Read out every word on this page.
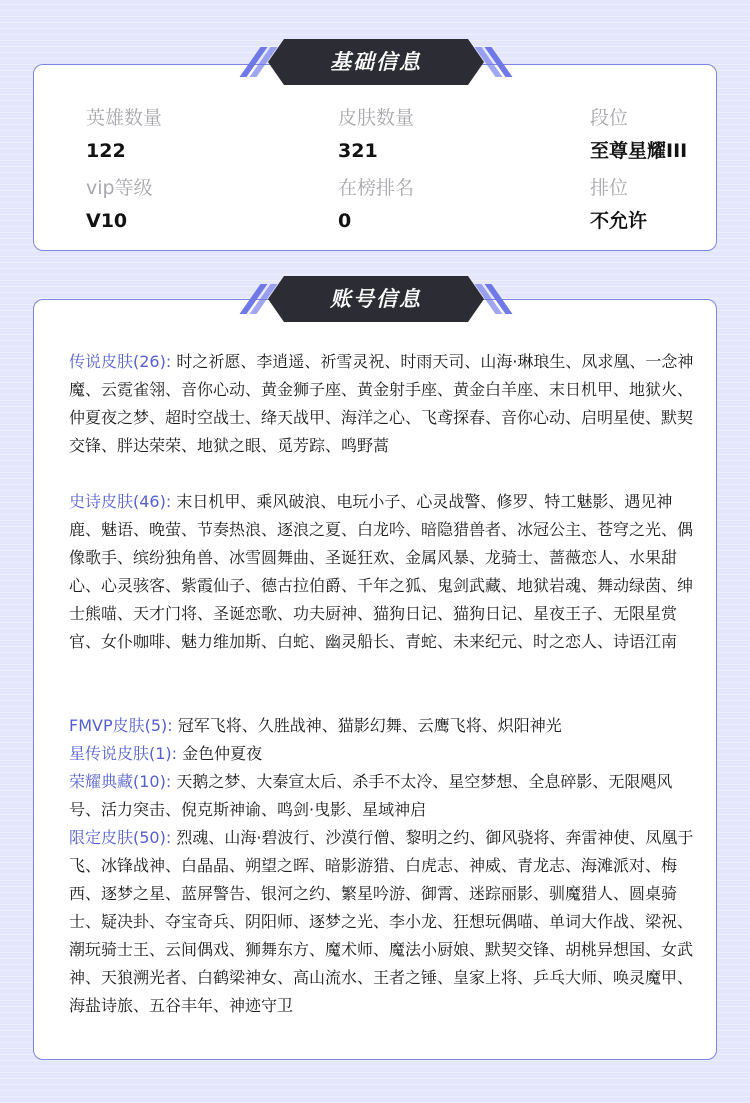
基础信息
英雄数量
122
皮肤数量
321
段位
至尊星耀III
vip等级
V10
在榜排名
0
排位
不允许
账号信息
传说皮肤(26): 时之祈愿、李逍遥、祈雪灵祝、时雨天司、山海·琳琅生、凤求凰、一念神魔、云霓雀翎、音你心动、黄金狮子座、黄金射手座、黄金白羊座、末日机甲、地狱火、仲夏夜之梦、超时空战士、绛天战甲、海洋之心、飞鸢探春、音你心动、启明星使、默契交锋、胖达荣荣、地狱之眼、觅芳踪、鸣野蒿
史诗皮肤(46): 末日机甲、乘风破浪、电玩小子、心灵战警、修罗、特工魅影、遇见神鹿、魅语、晚萤、节奏热浪、逐浪之夏、白龙吟、暗隐猎兽者、冰冠公主、苍穹之光、偶像歌手、缤纷独角兽、冰雪圆舞曲、圣诞狂欢、金属风暴、龙骑士、蔷薇恋人、水果甜心、心灵骇客、紫霞仙子、德古拉伯爵、千年之狐、鬼剑武藏、地狱岩魂、舞动绿茵、绅士熊喵、天才门将、圣诞恋歌、功夫厨神、猫狗日记、猫狗日记、星夜王子、无限星赏官、女仆咖啡、魅力维加斯、白蛇、幽灵船长、青蛇、未来纪元、时之恋人、诗语江南
FMVP皮肤(5): 冠军飞将、久胜战神、猫影幻舞、云鹰飞将、炽阳神光
星传说皮肤(1): 金色仲夏夜
荣耀典藏(10): 天鹅之梦、大秦宣太后、杀手不太冷、星空梦想、全息碎影、无限飓风号、活力突击、倪克斯神谕、鸣剑·曳影、星域神启
限定皮肤(50): 烈魂、山海·碧波行、沙漠行僧、黎明之约、御风骁将、奔雷神使、凤凰于飞、冰锋战神、白晶晶、朔望之晖、暗影游猎、白虎志、神威、青龙志、海滩派对、梅西、逐梦之星、蓝屏警告、银河之约、繁星吟游、御霄、迷踪丽影、驯魔猎人、圆桌骑士、疑决卦、夺宝奇兵、阴阳师、逐梦之光、李小龙、狂想玩偶喵、单词大作战、梁祝、潮玩骑士王、云间偶戏、狮舞东方、魔术师、魔法小厨娘、默契交锋、胡桃异想国、女武神、天狼溯光者、白鹤梁神女、高山流水、王者之锤、皇家上将、乒乓大师、唤灵魔甲、海盐诗旅、五谷丰年、神迹守卫
